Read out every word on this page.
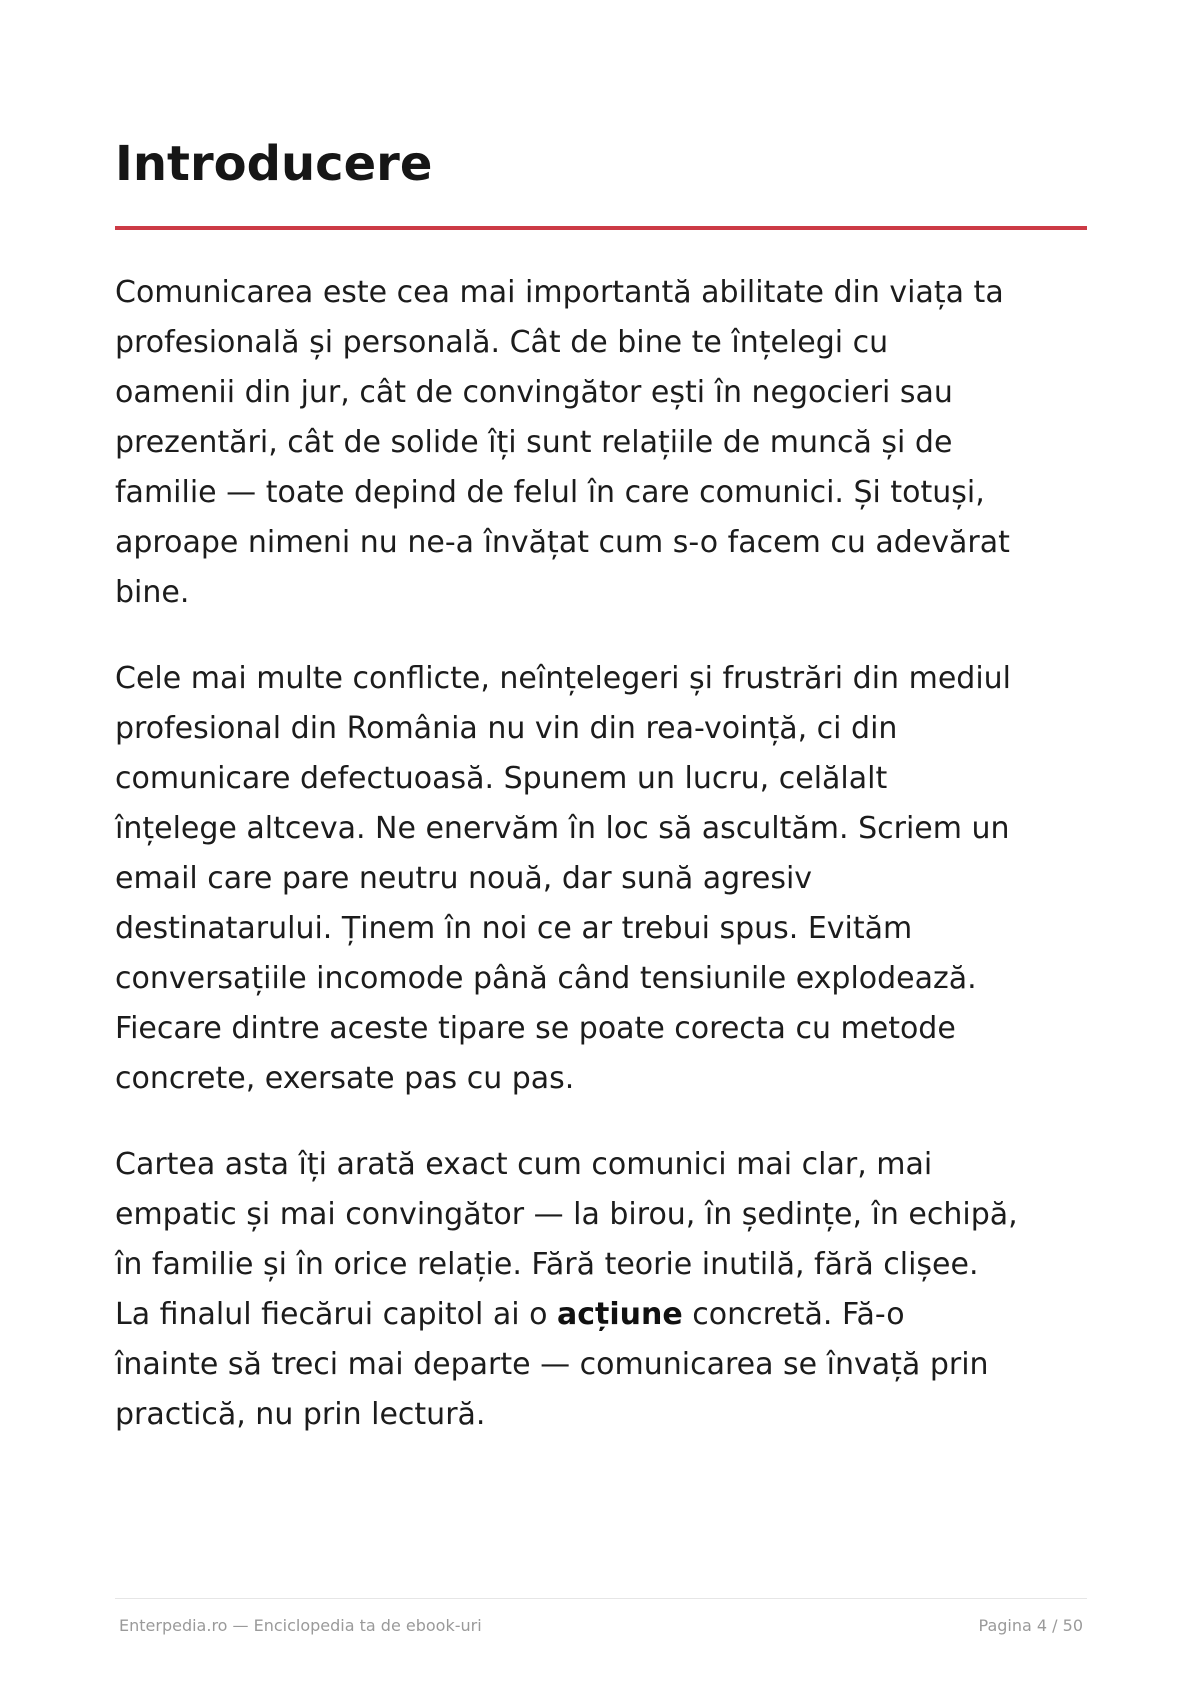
Introducere

Comunicarea este cea mai importantă abilitate din viața ta
profesională și personală. Cât de bine te înțelegi cu
oamenii din jur, cât de convingător ești în negocieri sau
prezentări, cât de solide îți sunt relațiile de muncă și de
familie — toate depind de felul în care comunici. Și totuși,
aproape nimeni nu ne-a învățat cum s-o facem cu adevărat
bine.

Cele mai multe conflicte, neînțelegeri și frustrări din mediul
profesional din România nu vin din rea-voință, ci din
comunicare defectuoasă. Spunem un lucru, celălalt
înțelege altceva. Ne enervăm în loc să ascultăm. Scriem un
email care pare neutru nouă, dar sună agresiv
destinatarului. Ținem în noi ce ar trebui spus. Evităm
conversațiile incomode până când tensiunile explodează.
Fiecare dintre aceste tipare se poate corecta cu metode
concrete, exersate pas cu pas.

Cartea asta îți arată exact cum comunici mai clar, mai
empatic și mai convingător — la birou, în ședințe, în echipă,
în familie și în orice relație. Fără teorie inutilă, fără clișee.
La finalul fiecărui capitol ai o acțiune concretă. Fă-o
înainte să treci mai departe — comunicarea se învață prin
practică, nu prin lectură.

Enterpedia.ro — Enciclopedia ta de ebook-uri	Pagina 4 / 50
